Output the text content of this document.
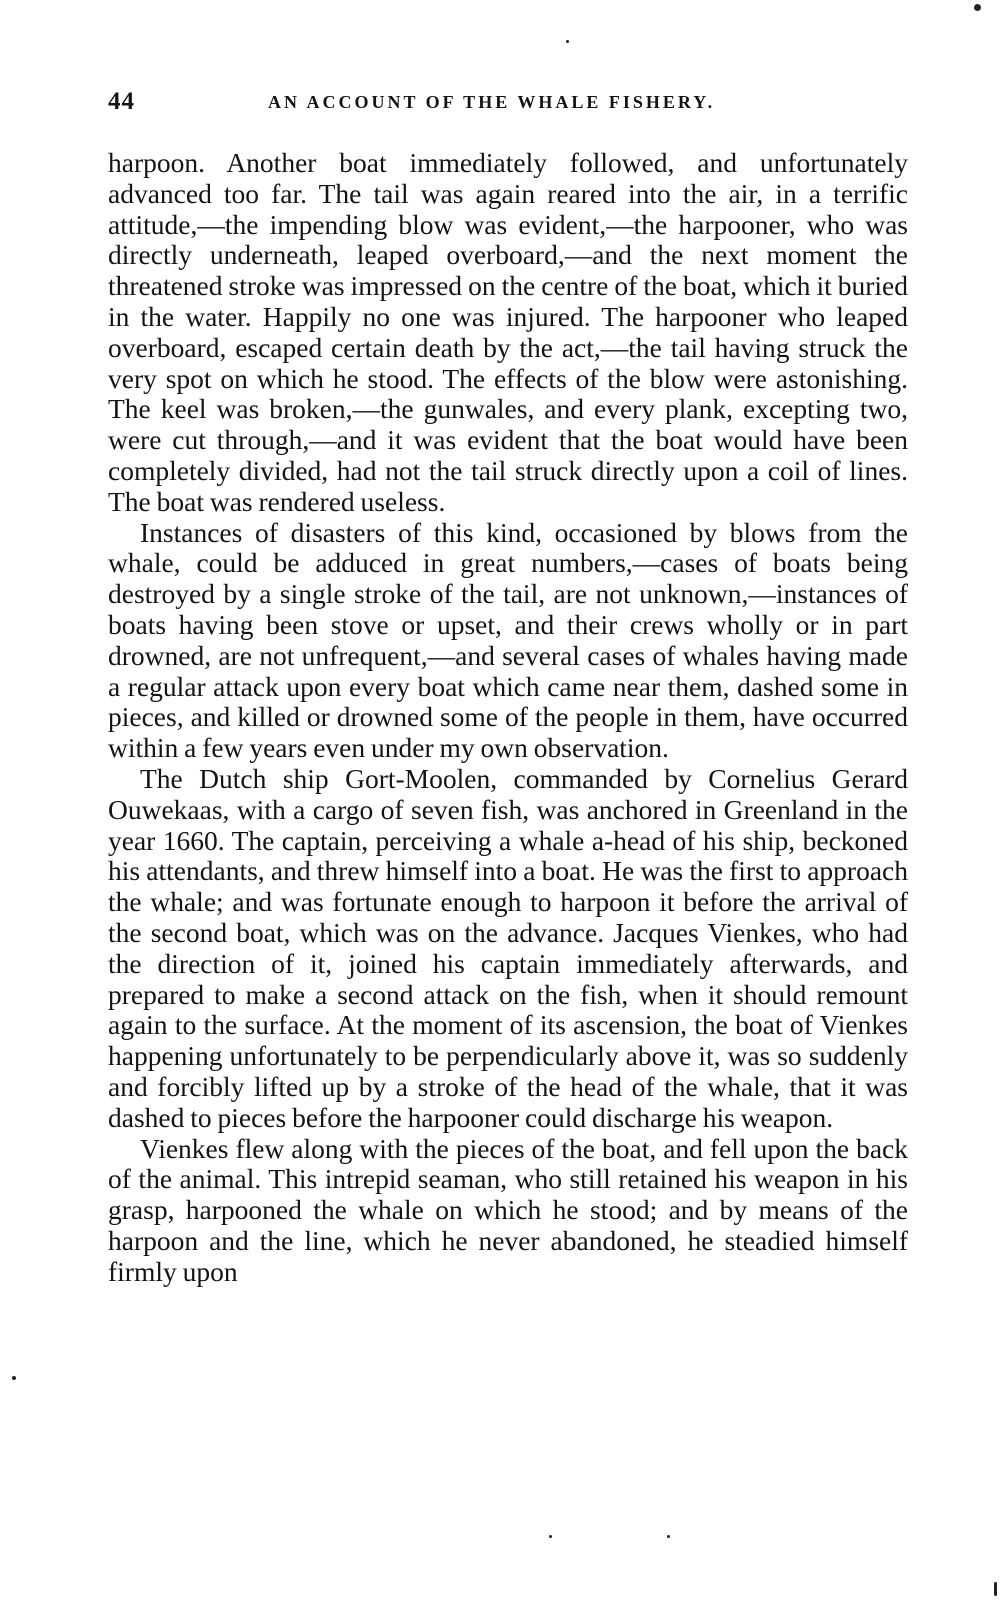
44	AN ACCOUNT OF THE WHALE FISHERY.

harpoon. Another boat immediately followed, and unfortunately advanced too far. The tail was again reared into the air, in a terrific attitude,—the impending blow was evident,—the harpooner, who was directly underneath, leaped overboard,—and the next moment the threatened stroke was impressed on the centre of the boat, which it buried in the water. Happily no one was injured. The harpooner who leaped overboard, escaped certain death by the act,—the tail having struck the very spot on which he stood. The effects of the blow were astonishing. The keel was broken,—the gunwales, and every plank, excepting two, were cut through,—and it was evident that the boat would have been completely divided, had not the tail struck directly upon a coil of lines. The boat was rendered useless.

Instances of disasters of this kind, occasioned by blows from the whale, could be adduced in great numbers,—cases of boats being destroyed by a single stroke of the tail, are not unknown,—instances of boats having been stove or upset, and their crews wholly or in part drowned, are not unfrequent,—and several cases of whales having made a regular attack upon every boat which came near them, dashed some in pieces, and killed or drowned some of the people in them, have occurred within a few years even under my own observation.

The Dutch ship Gort-Moolen, commanded by Cornelius Gerard Ouwekaas, with a cargo of seven fish, was anchored in Greenland in the year 1660. The captain, perceiving a whale a-head of his ship, beckoned his attendants, and threw himself into a boat. He was the first to approach the whale; and was fortunate enough to harpoon it before the arrival of the second boat, which was on the advance. Jacques Vienkes, who had the direction of it, joined his captain immediately afterwards, and prepared to make a second attack on the fish, when it should remount again to the surface. At the moment of its ascension, the boat of Vienkes happening unfortunately to be perpendicularly above it, was so suddenly and forcibly lifted up by a stroke of the head of the whale, that it was dashed to pieces before the harpooner could discharge his weapon.

Vienkes flew along with the pieces of the boat, and fell upon the back of the animal. This intrepid seaman, who still retained his weapon in his grasp, harpooned the whale on which he stood; and by means of the harpoon and the line, which he never abandoned, he steadied himself firmly upon
